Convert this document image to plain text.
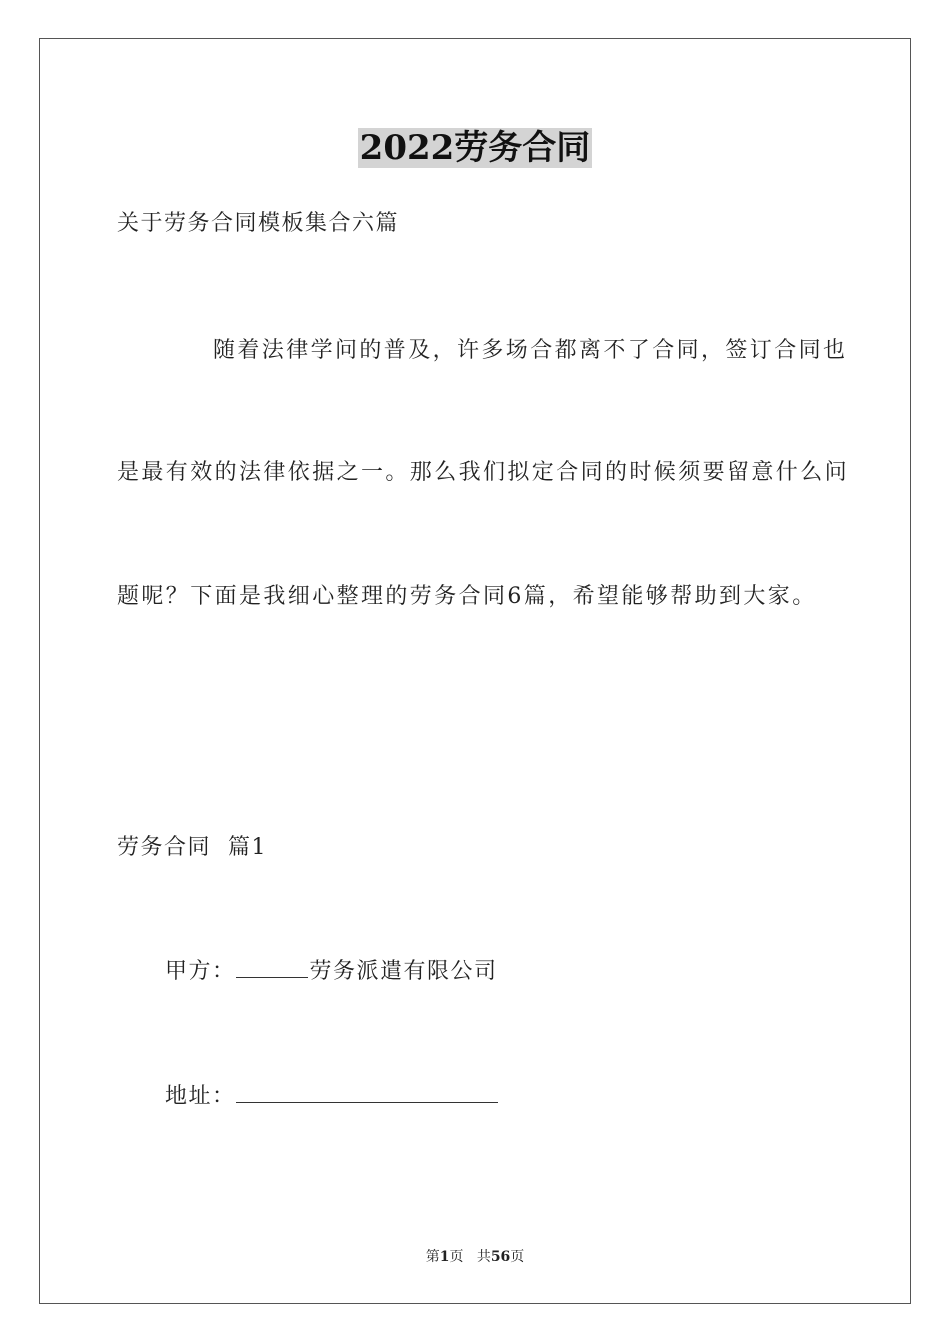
2022劳务合同
关于劳务合同模板集合六篇
随着法律学问的普及，许多场合都离不了合同，签订合同也
是最有效的法律依据之一。那么我们拟定合同的时候须要留意什么问
题呢？下面是我细心整理的劳务合同6篇，希望能够帮助到大家。
劳务合同  篇1
甲方：	劳务派遣有限公司
地址：
第1页 共56页
